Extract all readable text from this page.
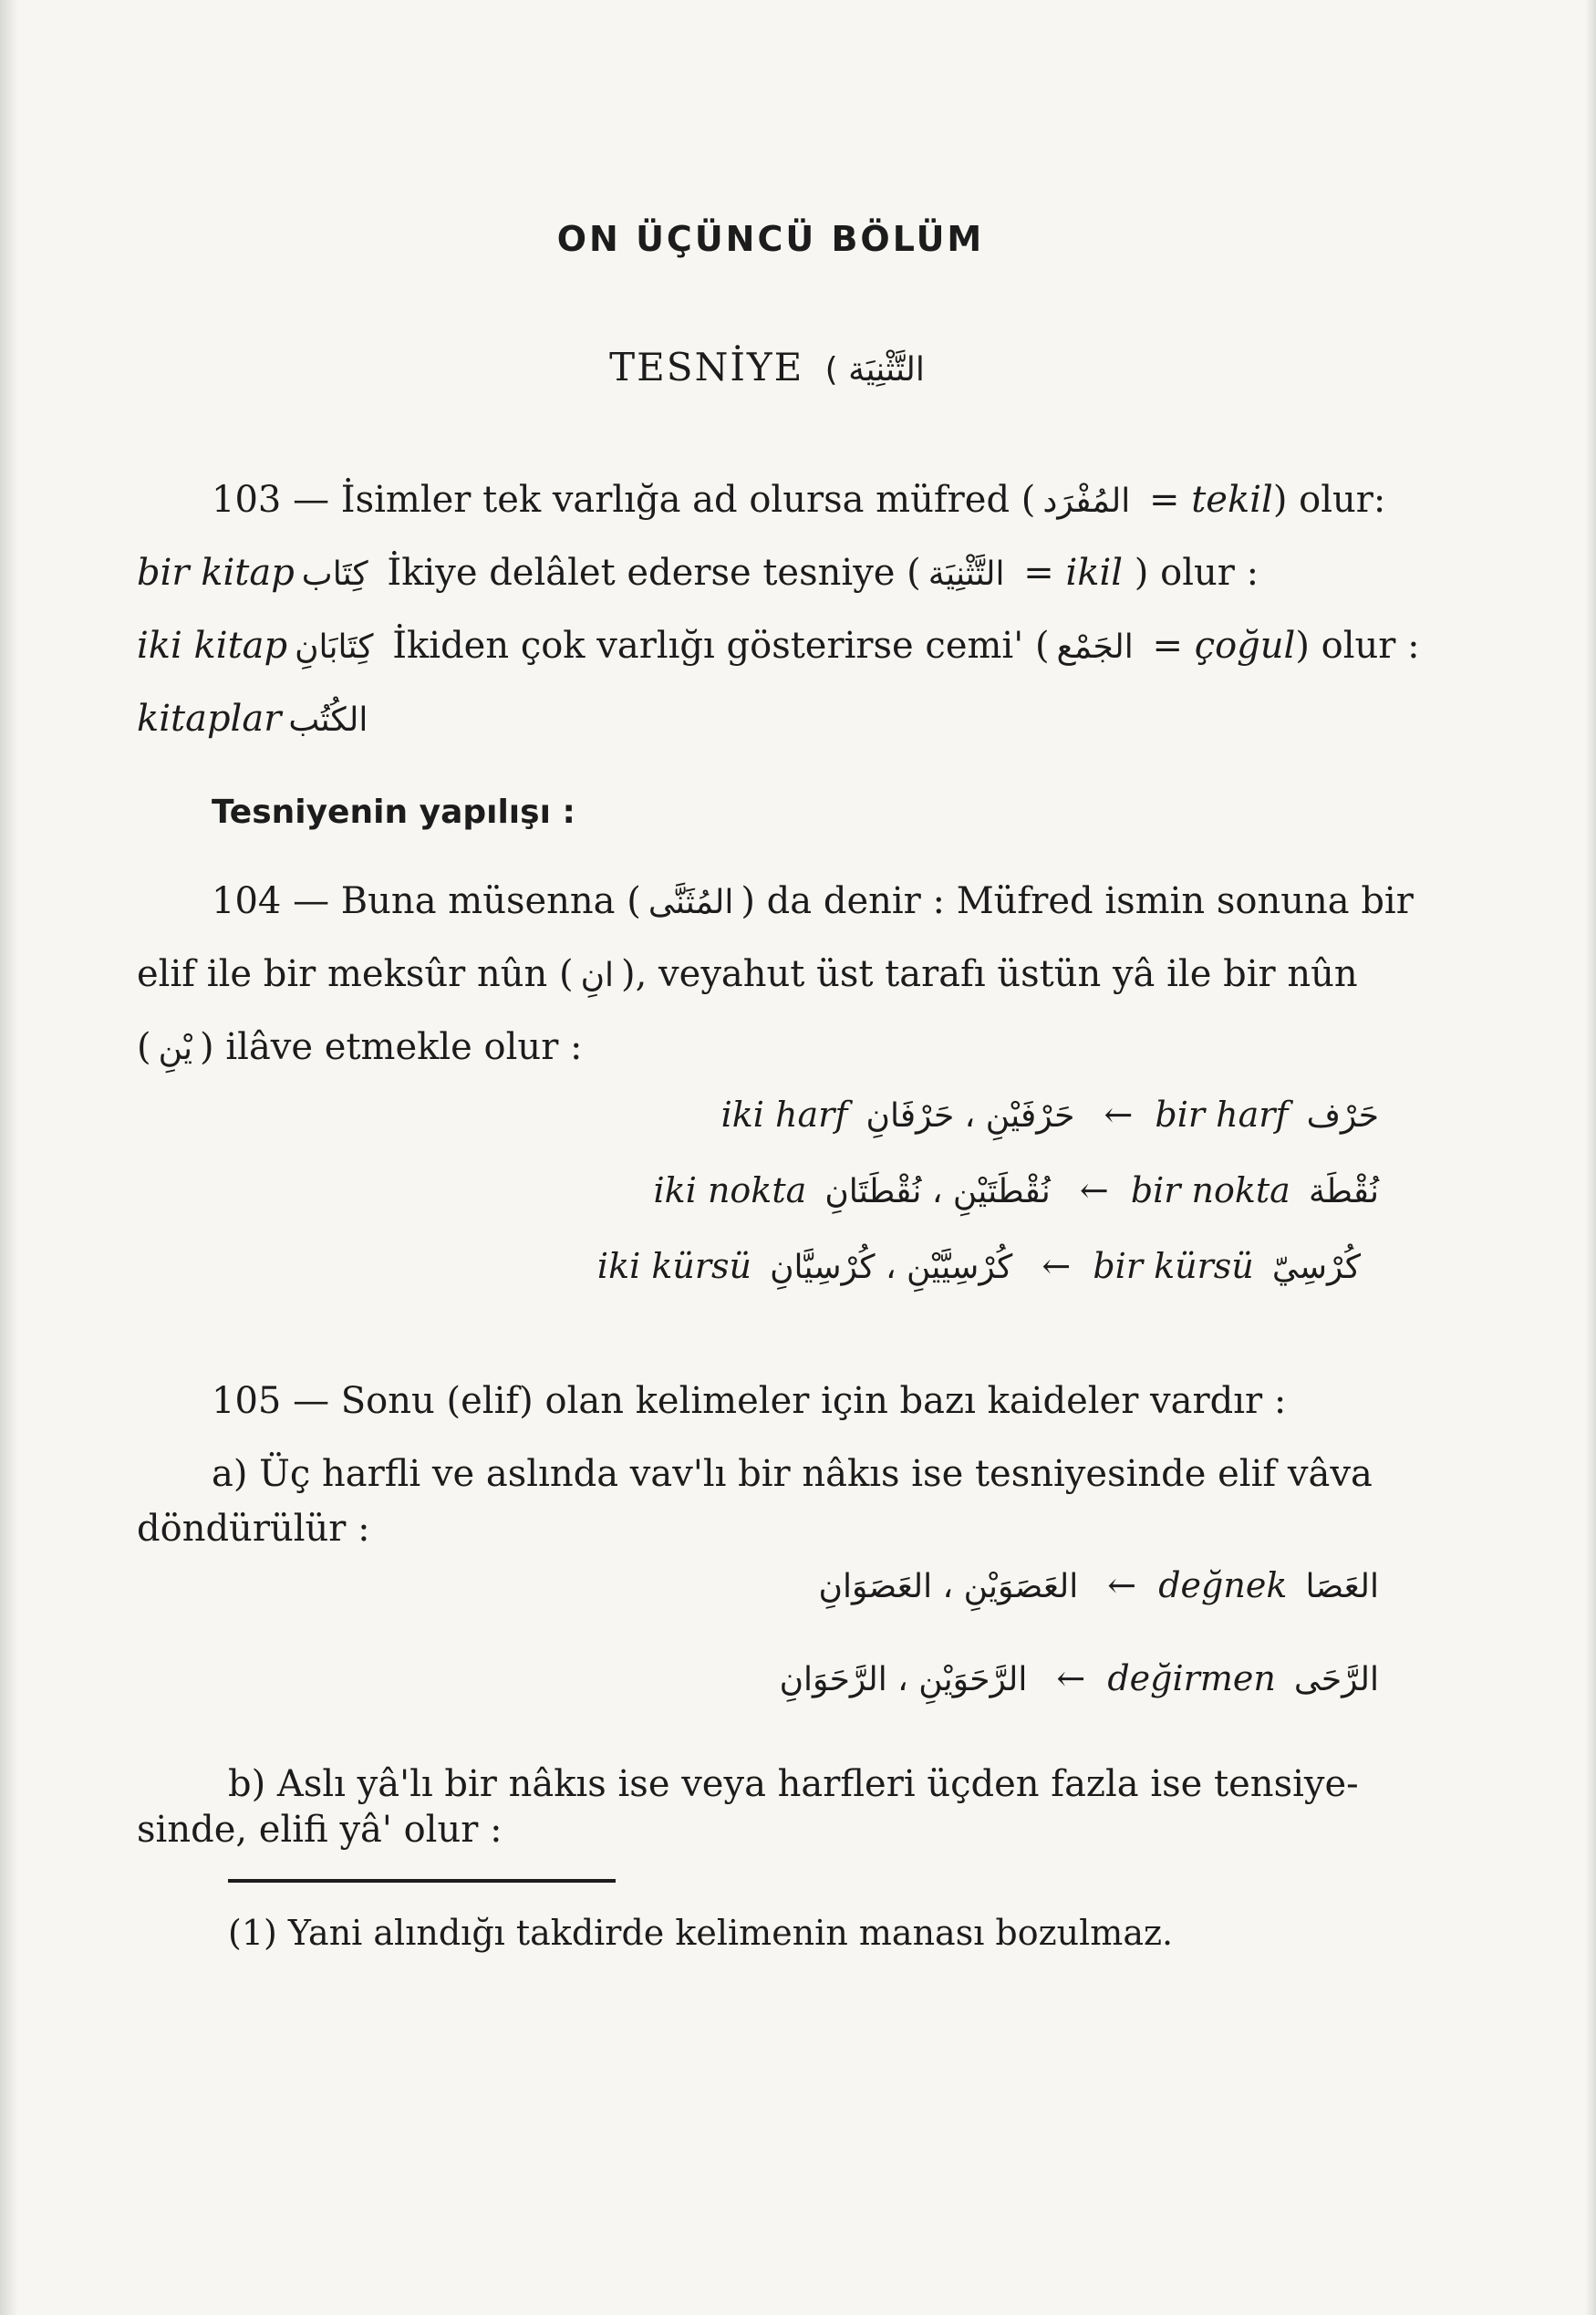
ON ÜÇÜNCÜ BÖLÜM
TESNİYE التَّثْنِيَة )
103 — İsimler tek varlığa ad olursa müfred ( المُفْرَد = tekil) olur:
bir kitap كِتَاب İkiye delâlet ederse tesniye ( التَّثْنِيَة = ikil ) olur :
iki kitap كِتَابَانِ İkiden çok varlığı gösterirse cemi' ( الجَمْع = çoğul) olur :
kitaplar الكُتُب
Tesniyenin yapılışı :
104 — Buna müsenna ( المُثَنَّى ) da denir : Müfred ismin sonuna bir
elif ile bir meksûr nûn ( انِ ), veyahut üst tarafı üstün yâ ile bir nûn
( يْنِ ) ilâve etmekle olur :
iki harf حَرْفَيْنِ ، حَرْفَانِ ← bir harf حَرْف
iki nokta نُقْطَتَيْنِ ، نُقْطَتَانِ ← bir nokta نُقْطَة
iki kürsü كُرْسِيَّيْنِ ، كُرْسِيَّانِ ← bir kürsü كُرْسِيّ
105 — Sonu (elif) olan kelimeler için bazı kaideler vardır :
a) Üç harfli ve aslında vav'lı bir nâkıs ise tesniyesinde elif vâva
döndürülür :
العَصَوَيْنِ ، العَصَوَانِ ← değnek العَصَا
الرَّحَوَيْنِ ، الرَّحَوَانِ ← değirmen الرَّحَى
b) Aslı yâ'lı bir nâkıs ise veya harfleri üçden fazla ise tensiye-
sinde, elifi yâ' olur :
(1) Yani alındığı takdirde kelimenin manası bozulmaz.
